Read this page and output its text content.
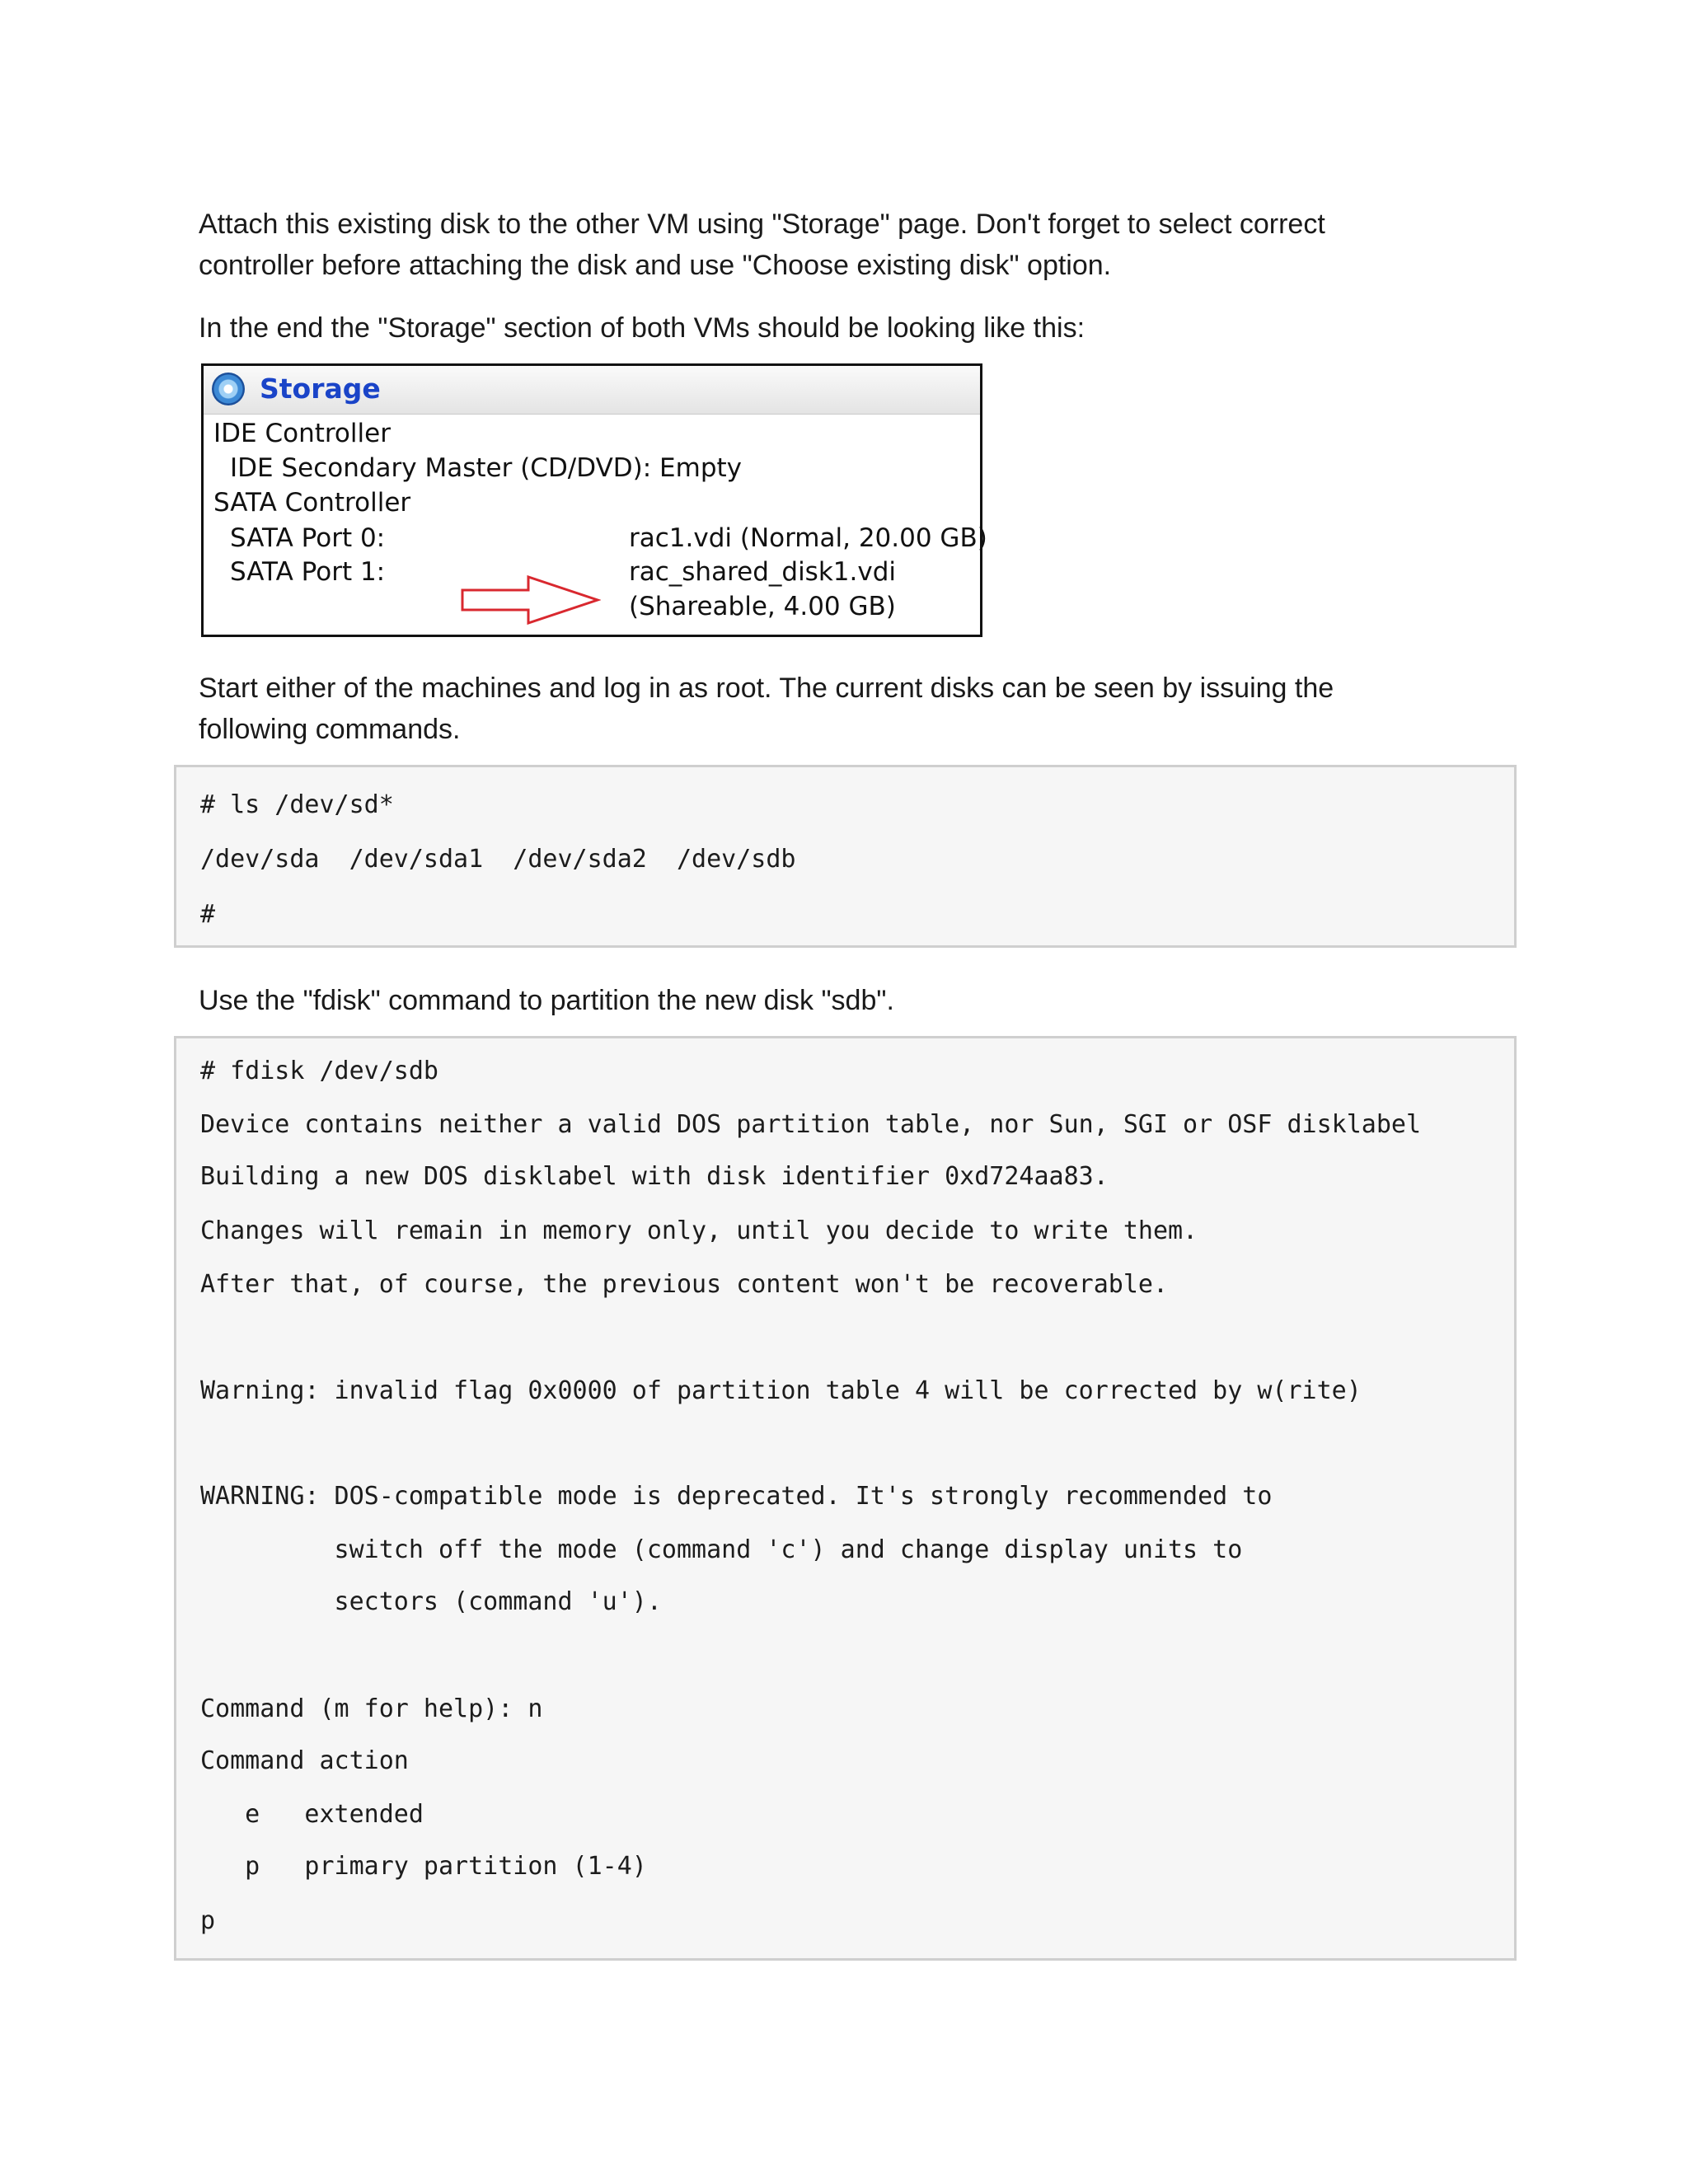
Attach this existing disk to the other VM using "Storage" page. Don't forget to select correct
controller before attaching the disk and use "Choose existing disk" option.

In the end the "Storage" section of both VMs should be looking like this:

Storage
IDE Controller
IDE Secondary Master (CD/DVD): Empty
SATA Controller
SATA Port 0:	rac1.vdi (Normal, 20.00 GB)
SATA Port 1:	rac_shared_disk1.vdi
(Shareable, 4.00 GB)

Start either of the machines and log in as root. The current disks can be seen by issuing the
following commands.

# ls /dev/sd*
/dev/sda  /dev/sda1  /dev/sda2  /dev/sdb
#

Use the "fdisk" command to partition the new disk "sdb".

# fdisk /dev/sdb
Device contains neither a valid DOS partition table, nor Sun, SGI or OSF disklabel
Building a new DOS disklabel with disk identifier 0xd724aa83.
Changes will remain in memory only, until you decide to write them.
After that, of course, the previous content won't be recoverable.
Warning: invalid flag 0x0000 of partition table 4 will be corrected by w(rite)
WARNING: DOS-compatible mode is deprecated. It's strongly recommended to
switch off the mode (command 'c') and change display units to
sectors (command 'u').
Command (m for help): n
Command action
e   extended
p   primary partition (1-4)
p
